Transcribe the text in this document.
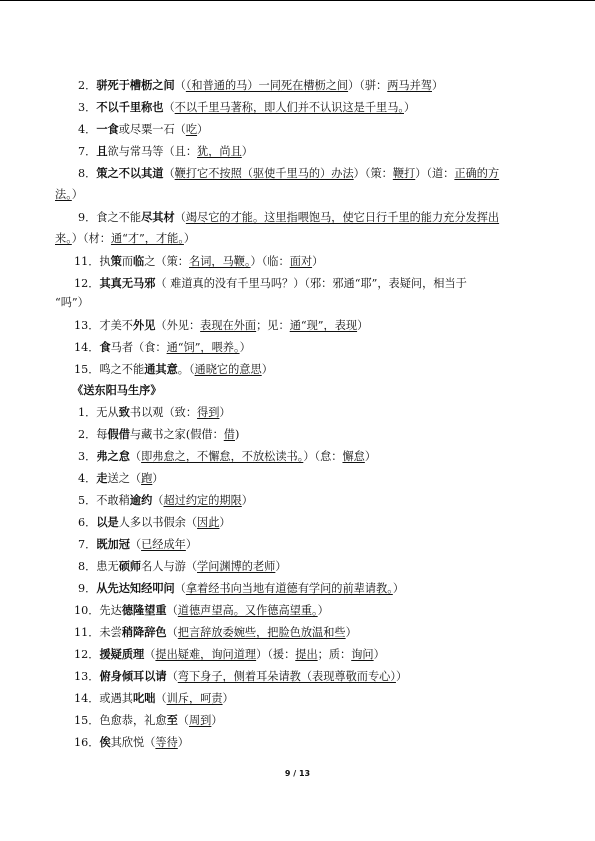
2．骈死于槽枥之间（（和普通的马）一同死在槽枥之间）（骈：两马并驾）
3．不以千里称也（不以千里马著称，即人们并不认识这是千里马。）
4．一食或尽粟一石（吃）
7．且欲与常马等（且：犹，尚且）
8．策之不以其道（鞭打它不按照（驱使千里马的）办法）（策：鞭打）（道：正确的方
法。）
9．食之不能尽其材（竭尽它的才能。这里指喂饱马，使它日行千里的能力充分发挥出
来。）（材：通“才”，才能。）
11．执策而临之（策：名词，马鞭。）（临：面对）
12．其真无马邪（ 难道真的没有千里马吗？）（邪：邪通“耶”，表疑问，相当于
“吗”）
13．才美不外见（外见：表现在外面；见：通“现”，表现）
14．食马者（食：通“饲”，喂养。）
15．鸣之不能通其意。（通晓它的意思）
《送东阳马生序》
1．无从致书以观（致：得到）
2．每假借与藏书之家(假借：借)
3．弗之怠（即弗怠之，不懈怠，不放松读书。）（怠：懈怠）
4．走送之（跑）
5．不敢稍逾约（超过约定的期限）
6．以是人多以书假余（因此）
7．既加冠（已经成年）
8．患无硕师名人与游（学问渊博的老师）
9．从先达知经叩问（拿着经书向当地有道德有学问的前辈请教。）
10．先达德隆望重（道德声望高。又作德高望重。）
11．未尝稍降辞色（把言辞放委婉些，把脸色放温和些）
12．援疑质理（提出疑难，询问道理）（援：提出；质：询问）
13．俯身倾耳以请（弯下身子，侧着耳朵请教（表现尊敬而专心））
14．或遇其叱咄（训斥，呵责）
15．色愈恭，礼愈至（周到）
16．俟其欣悦（等待）
9 / 13
